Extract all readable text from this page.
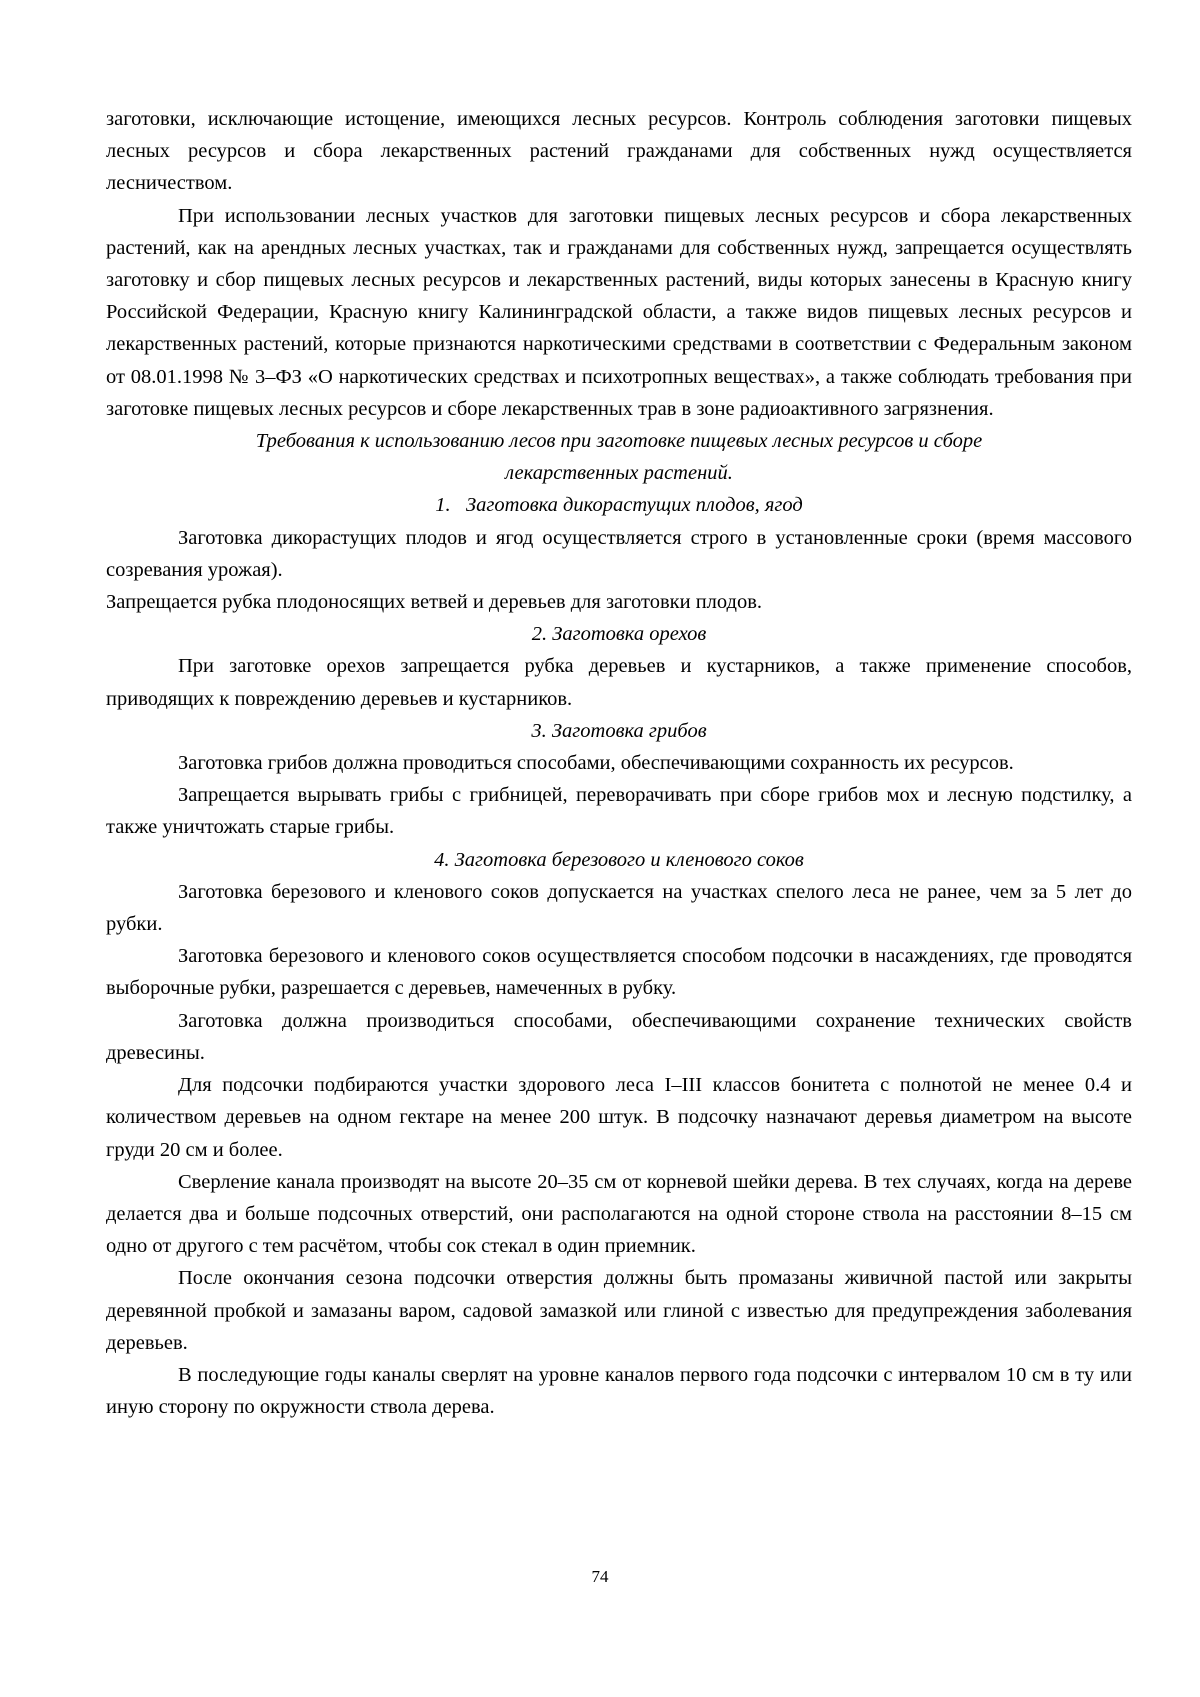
заготовки, исключающие истощение, имеющихся лесных ресурсов. Контроль соблюдения заготовки пищевых лесных ресурсов и сбора лекарственных растений гражданами для собственных нужд осуществляется лесничеством.

При использовании лесных участков для заготовки пищевых лесных ресурсов и сбора лекарственных растений, как на арендных лесных участках, так и гражданами для собственных нужд, запрещается осуществлять заготовку и сбор пищевых лесных ресурсов и лекарственных растений, виды которых занесены в Красную книгу Российской Федерации, Красную книгу Калининградской области, а также видов пищевых лесных ресурсов и лекарственных растений, которые признаются наркотическими средствами в соответствии с Федеральным законом от 08.01.1998 № 3–ФЗ «О наркотических средствах и психотропных веществах», а также соблюдать требования при заготовке пищевых лесных ресурсов и сборе лекарственных трав в зоне радиоактивного загрязнения.

Требования к использованию лесов при заготовке пищевых лесных ресурсов и сборе
лекарственных растений.

1.   Заготовка дикорастущих плодов, ягод

Заготовка дикорастущих плодов и ягод осуществляется строго в установленные сроки (время массового созревания урожая).

Запрещается рубка плодоносящих ветвей и деревьев для заготовки плодов.

2. Заготовка орехов

При заготовке орехов запрещается рубка деревьев и кустарников, а также применение способов, приводящих к повреждению деревьев и кустарников.

3. Заготовка грибов

Заготовка грибов должна проводиться способами, обеспечивающими сохранность их ресурсов.

Запрещается вырывать грибы с грибницей, переворачивать при сборе грибов мох и лесную подстилку, а также уничтожать старые грибы.

4. Заготовка березового и кленового соков

Заготовка березового и кленового соков допускается на участках спелого леса не ранее, чем за 5 лет до рубки.

Заготовка березового и кленового соков осуществляется способом подсочки в насаждениях, где проводятся выборочные рубки, разрешается с деревьев, намеченных в рубку.

Заготовка должна производиться способами, обеспечивающими сохранение технических свойств древесины.

Для подсочки подбираются участки здорового леса I–III классов бонитета с полнотой не менее 0.4 и количеством деревьев на одном гектаре на менее 200 штук. В подсочку назначают деревья диаметром на высоте груди 20 см и более.

Сверление канала производят на высоте 20–35 см от корневой шейки дерева. В тех случаях, когда на дереве делается два и больше подсочных отверстий, они располагаются на одной стороне ствола на расстоянии 8–15 см одно от другого с тем расчётом, чтобы сок стекал в один приемник.

После окончания сезона подсочки отверстия должны быть промазаны живичной пастой или закрыты деревянной пробкой и замазаны варом, садовой замазкой или глиной с известью для предупреждения заболевания деревьев.

В последующие годы каналы сверлят на уровне каналов первого года подсочки с интервалом 10 см в ту или иную сторону по окружности ствола дерева.

74
